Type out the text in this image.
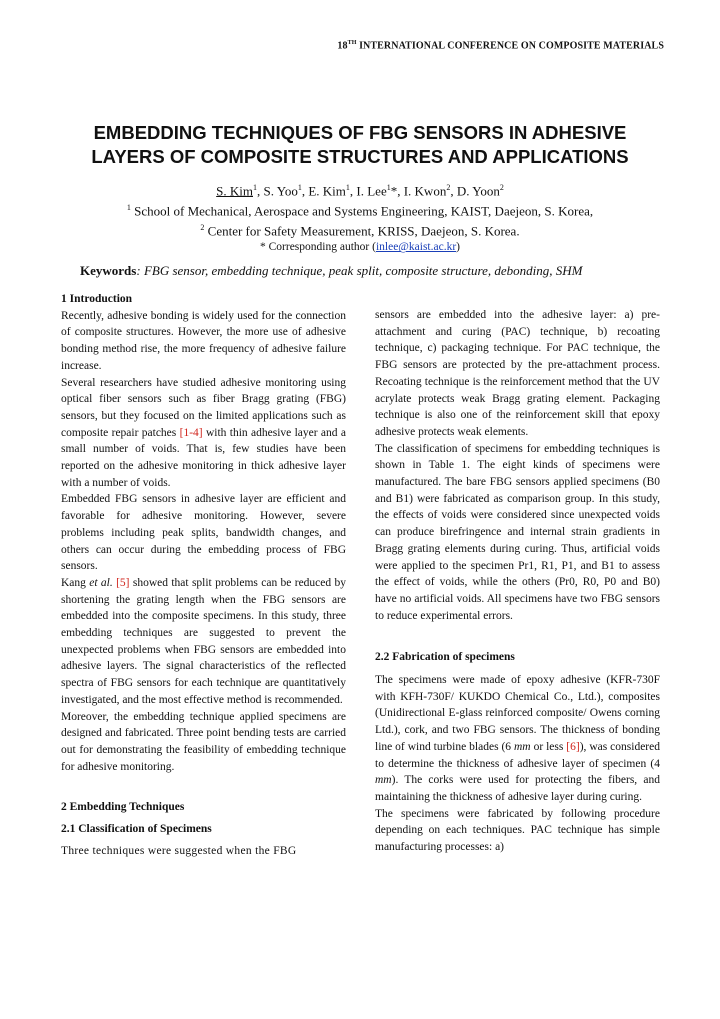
18TH INTERNATIONAL CONFERENCE ON COMPOSITE MATERIALS
EMBEDDING TECHNIQUES OF FBG SENSORS IN ADHESIVE
LAYERS OF COMPOSITE STRUCTURES AND APPLICATIONS
S. Kim$^1$, S. Yoo$^1$, E. Kim$^1$, I. Lee$^1$*, I. Kwon$^2$, D. Yoon$^2$
$^1$ School of Mechanical, Aerospace and Systems Engineering, KAIST, Daejeon, S. Korea,
$^2$ Center for Safety Measurement, KRISS, Daejeon, S. Korea.
* Corresponding author (inlee@kaist.ac.kr)
Keywords: FBG sensor, embedding technique, peak split, composite structure, debonding, SHM
1 Introduction

Recently, adhesive bonding is widely used for the connection of composite structures. However, the more use of adhesive bonding method rise, the more frequency of adhesive failure increase.

Several researchers have studied adhesive monitoring using optical fiber sensors such as fiber Bragg grating (FBG) sensors, but they focused on the limited applications such as composite repair patches [1-4] with thin adhesive layer and a small number of voids. That is, few studies have been reported on the adhesive monitoring in thick adhesive layer with a number of voids.

Embedded FBG sensors in adhesive layer are efficient and favorable for adhesive monitoring. However, severe problems including peak splits, bandwidth changes, and others can occur during the embedding process of FBG sensors.

Kang et al. [5] showed that split problems can be reduced by shortening the grating length when the FBG sensors are embedded into the composite specimens. In this study, three embedding techniques are suggested to prevent the unexpected problems when FBG sensors are embedded into adhesive layers. The signal characteristics of the reflected spectra of FBG sensors for each technique are quantitatively investigated, and the most effective method is recommended.

Moreover, the embedding technique applied specimens are designed and fabricated. Three point bending tests are carried out for demonstrating the feasibility of embedding technique for adhesive monitoring.

2 Embedding Techniques
2.1 Classification of Specimens

Three techniques were suggested when the FBG

sensors are embedded into the adhesive layer: a) pre-attachment and curing (PAC) technique, b) recoating technique, c) packaging technique. For PAC technique, the FBG sensors are protected by the pre-attachment process. Recoating technique is the reinforcement method that the UV acrylate protects weak Bragg grating element. Packaging technique is also one of the reinforcement skill that epoxy adhesive protects weak elements.

The classification of specimens for embedding techniques is shown in Table 1. The eight kinds of specimens were manufactured. The bare FBG sensors applied specimens (B0 and B1) were fabricated as comparison group. In this study, the effects of voids were considered since unexpected voids can produce birefringence and internal strain gradients in Bragg grating elements during curing. Thus, artificial voids were applied to the specimen Pr1, R1, P1, and B1 to assess the effect of voids, while the others (Pr0, R0, P0 and B0) have no artificial voids. All specimens have two FBG sensors to reduce experimental errors.

2.2 Fabrication of specimens

The specimens were made of epoxy adhesive (KFR-730F with KFH-730F/ KUKDO Chemical Co., Ltd.), composites (Unidirectional E-glass reinforced composite/ Owens corning Ltd.), cork, and two FBG sensors. The thickness of bonding line of wind turbine blades (6 mm or less [6]), was considered to determine the thickness of adhesive layer of specimen (4 mm). The corks were used for protecting the fibers, and maintaining the thickness of adhesive layer during curing.

The specimens were fabricated by following procedure depending on each techniques. PAC technique has simple manufacturing processes: a)
